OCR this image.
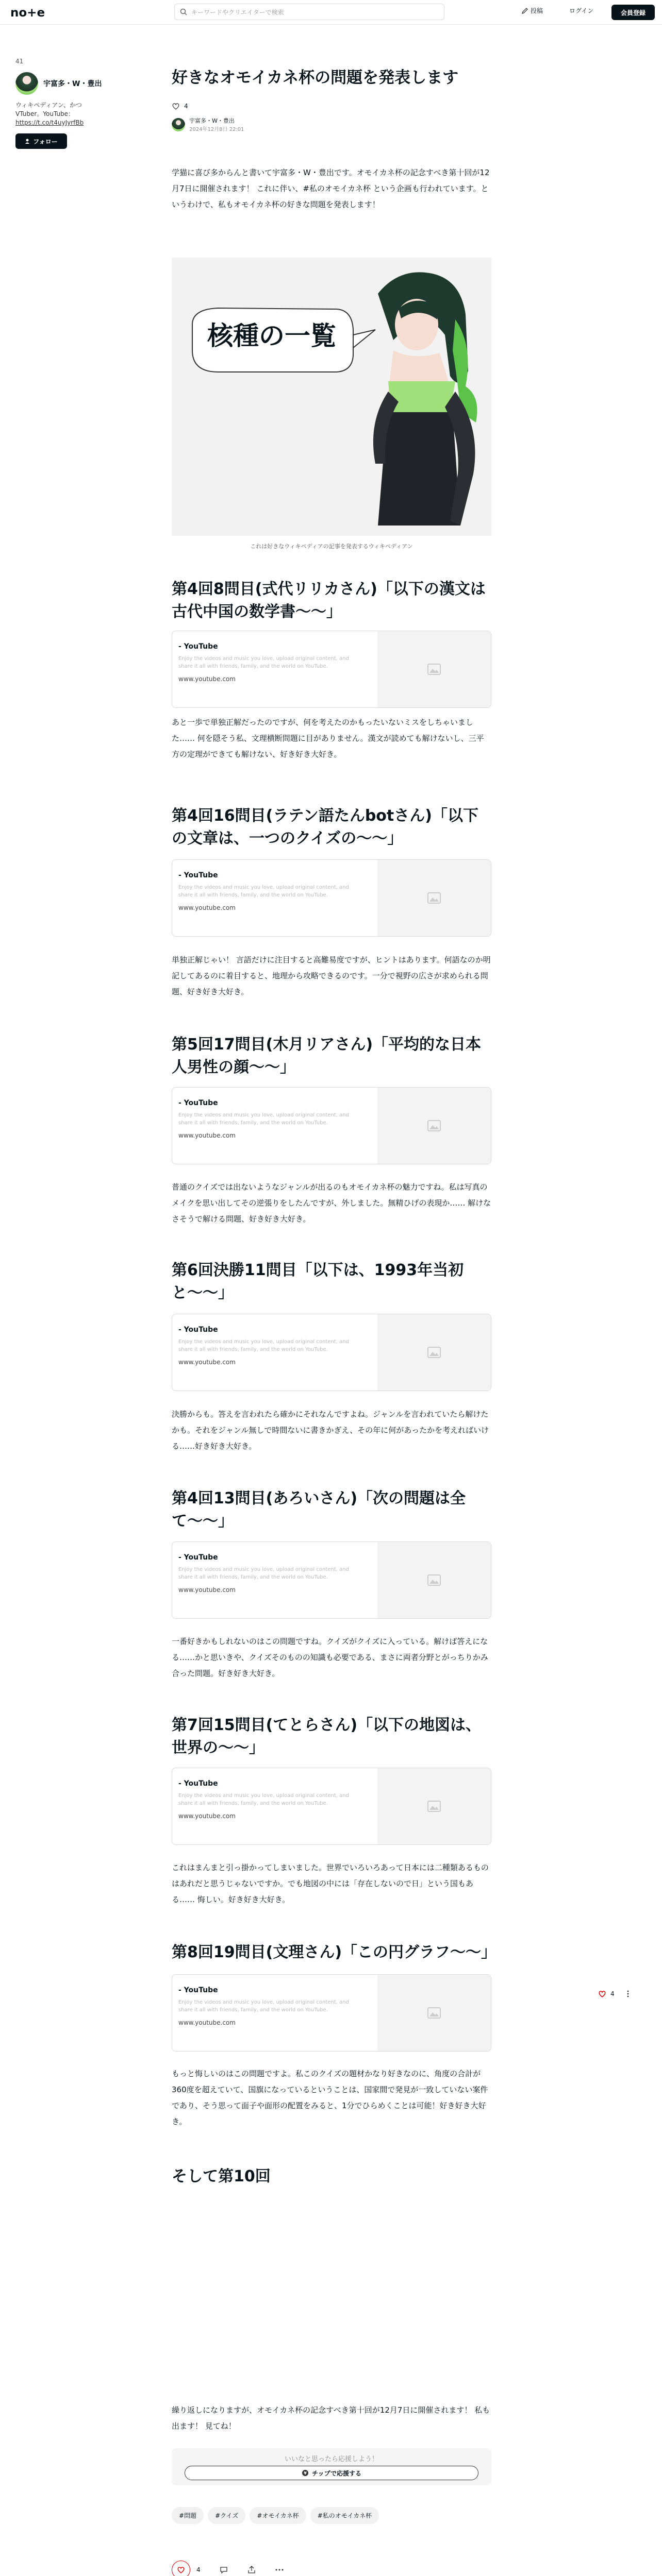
no+e	キーワードやクリエイターで検索	投稿	ログイン	会員登録
41
宇富多・W・豊出
ウィキペディアン、かつVTuber。YouTube：
https://t.co/t4uyJyrfBb
フォロー
好きなオモイカネ杯の問題を発表します
4
宇富多・W・豊出
2024年12月8日 22:01
学猫に喜び多からんと書いて宇富多・W・豊出です。オモイカネ杯の記念すべき第十回が12月7日に開催されます！ これに伴い、#私のオモイカネ杯 という企画も行われています。というわけで、私もオモイカネ杯の好きな問題を発表します！
核種の一覧
これは好きなウィキペディアの記事を発表するウィキペディアン
第4回8問目(式代リリカさん)「以下の漢文は古代中国の数学書〜〜」
あと一歩で単独正解だったのですが、何を考えたのかもったいないミスをしちゃいました…… 何を隠そう私、文理横断問題に目がありません。漢文が読めても解けないし、三平方の定理ができても解けない、好き好き大好き。
第4回16問目(ラテン語たんbotさん)「以下の文章は、一つのクイズの〜〜」
単独正解じゃい！ 言語だけに注目すると高難易度ですが、ヒントはあります。何語なのか明記してあるのに着目すると、地理から攻略できるのです。一分で視野の広さが求められる問題、好き好き大好き。
第5回17問目(木月リアさん)「平均的な日本人男性の顔〜〜」
普通のクイズでは出ないようなジャンルが出るのもオモイカネ杯の魅力ですね。私は写真のメイクを思い出してその逆張りをしたんですが、外しました。無精ひげの表現か…… 解けなさそうで解ける問題、好き好き大好き。
第6回決勝11問目「以下は、1993年当初と〜〜」
決勝からも。答えを言われたら確かにそれなんですよね。ジャンルを言われていたら解けたかも。それをジャンル無しで時間ないに書きかぎえ、その年に何があったかを考えればいける……好き好き大好き。
第4回13問目(あろいさん)「次の問題は全て〜〜」
一番好きかもしれないのはこの問題ですね。クイズがクイズに入っている。解けば答えになる……かと思いきや、クイズそのものの知識も必要である、まさに両者分野とがっちりかみ合った問題。好き好き大好き。
第7回15問目(てとらさん)「以下の地図は、世界の〜〜」
これはまんまと引っ掛かってしまいました。世界でいろいろあって日本には二種類あるものはあれだと思うじゃないですか。でも地図の中には「存在しないので日」という国もある…… 悔しい。好き好き大好き。
第8回19問目(文理さん)「この円グラフ〜〜」
もっと悔しいのはこの問題ですよ。私このクイズの題材かなり好きなのに、角度の合計が360度を超えていて、国旗になっているということは、国家間で発見が一致していない案件であり、そう思って面子や面形の配置をみると、1分でひらめくことは可能！好き好き大好き。
そして第10回
繰り返しになりますが、オモイカネ杯の記念すべき第十回が12月7日に開催されます！ 私も出ます！ 見てね！
いいなと思ったら応援しよう！
¥ チップで応援する
#問題	#クイズ	#オモイカネ杯	#私のオモイカネ杯
4
4
- YouTube
Enjoy the videos and music you love, upload original content, and share it all with friends, family, and the world on YouTube.
www.youtube.com
- YouTube
Enjoy the videos and music you love, upload original content, and share it all with friends, family, and the world on YouTube.
www.youtube.com
- YouTube
Enjoy the videos and music you love, upload original content, and share it all with friends, family, and the world on YouTube.
www.youtube.com
- YouTube
Enjoy the videos and music you love, upload original content, and share it all with friends, family, and the world on YouTube.
www.youtube.com
- YouTube
Enjoy the videos and music you love, upload original content, and share it all with friends, family, and the world on YouTube.
www.youtube.com
- YouTube
Enjoy the videos and music you love, upload original content, and share it all with friends, family, and the world on YouTube.
www.youtube.com
- YouTube
Enjoy the videos and music you love, upload original content, and share it all with friends, family, and the world on YouTube.
www.youtube.com
